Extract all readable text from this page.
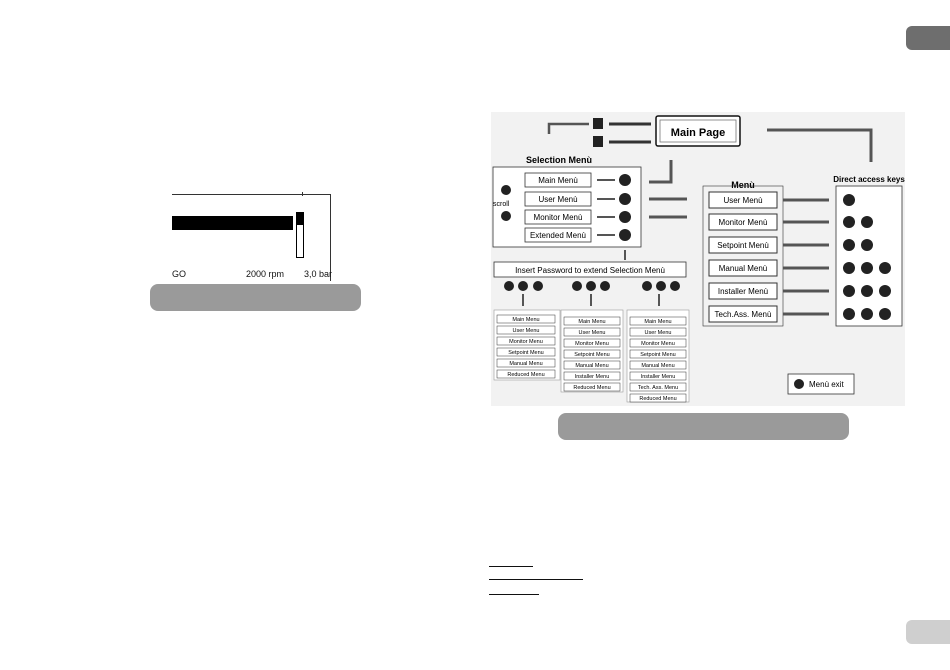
GO	2000 rpm 3,0 bar
Main Page
Selection Menù
scroll
Main Menù
User Menù
Monitor Menù
Extended Menù
Menù
User Menù
Monitor Menù
Setpoint Menù
Manual Menù
Installer Menù
Tech.Ass. Menù
Direct access keys
Insert Password to extend Selection Menù
Main Menu
User Menu
Monitor Menu
Setpoint Menu
Manual Menu
Reduced Menu
Main Menu
User Menu
Monitor Menu
Setpoint Menu
Manual Menu
Installer Menu
Reduced Menu
Main Menu
User Menu
Monitor Menu
Setpoint Menu
Manual Menu
Installer Menu
Tech. Ass. Menu
Reduced Menu
Menù exit
